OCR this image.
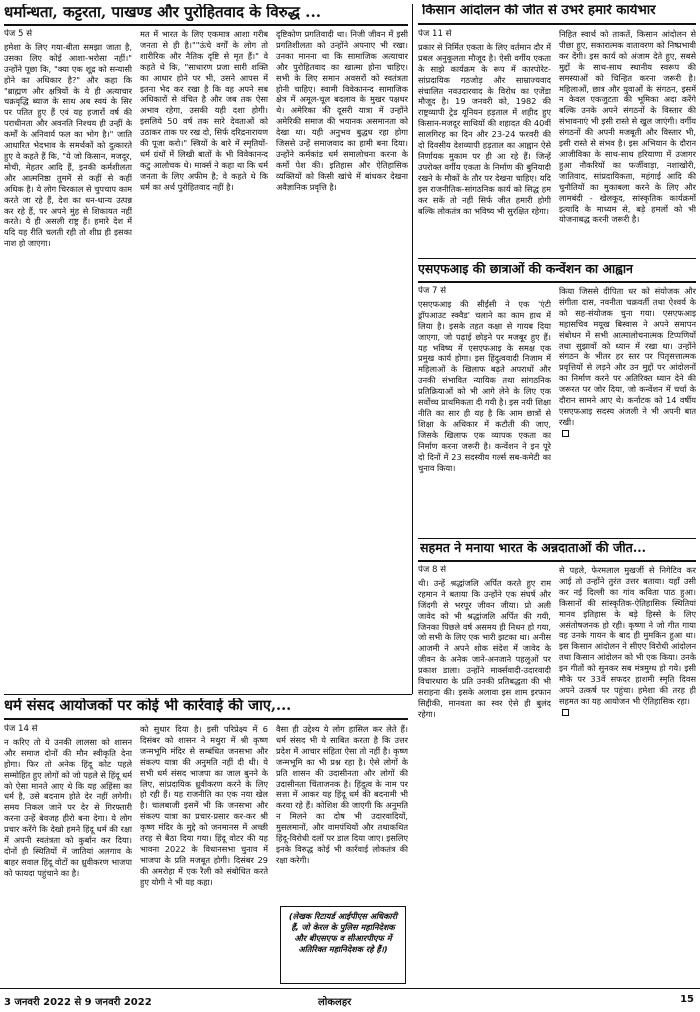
धर्मान्धता, कट्टरता, पाखण्ड और पुरोहितवाद के विरुद्ध ...
पेज 5 से

हमेशा के लिए गया-बीता समझा जाता है, उसका लिए कोई आशा-भरोसा नहीं।" उन्होंने पूछा कि, "क्या एक शूद्र को सन्यासी होने का अधिकार है?" और कहा कि "ब्राह्मण और क्षत्रियों के ये ही अत्याचार चक्रवृद्धि ब्याज के साथ अब स्वयं के सिर पर पतित हुए हैं एवं यह हजारों वर्ष की पराधीनता और अवनति निश्चय ही उन्हीं के कर्मों के अनिवार्य फल का भोग है।" जाति आधारित भेदभाव के समर्थकों को दुत्कारते हुए वे कहते हैं कि, "ये जो किसान, मजदूर, मोची, मेहतर आदि हैं, इनकी कर्मशीलता और आत्मनिष्ठा तुममें से कहीं से कहीं अधिक है। ये लोग चिरकाल से चुपचाप काम करते जा रहे हैं, देश का धन-धान्य उत्पन्न कर रहे हैं, पर अपने मुंह से शिकायत नहीं करते। ये ही असली राष्ट्र हैं। हमारे देश में यदि यह रीति चलती रही तो शीघ्र ही इसका नाश हो जाएगा।

मत में भारत के लिए एकमात्र आशा गरीब जनता से ही है।""ऊंचे वर्गों के लोग तो शारीरिक और नैतिक दृष्टि से मृत हैं।" वे कहते थे कि, "साधारण प्रजा सारी शक्ति का आधार होने पर भी, उसने आपस में इतना भेद कर रखा है कि वह अपने सब अधिकारों से वंचित है और जब तक ऐसा अभाव रहेगा, उसकी यही दशा होगी। इसलिये 50 वर्ष तक सारे देवताओं को उठाकर ताक पर रख दो, सिर्फ दरिद्रनारायण की पूजा करो।" स्त्रियों के बारे में स्मृतियों-धर्म ग्रंथों में लिखी बातों के भी विवेकानन्द कटु आलोचक थे। मार्क्स ने कहा था कि धर्म जनता के लिए अफीम है; वे कहते थे कि धर्म का अर्थ पुरोहितवाद नहीं है।

दृष्टिकोण प्रगतिवादी था। निजी जीवन में इसी प्रगतिशीलता को उन्होंने अपनाए भी रखा। उनका मानना था कि सामाजिक अत्याचार और पुरोहितवाद का खात्मा होना चाहिए। सभी के लिए समान अवसरों को स्वतंत्रता होनी चाहिए। स्वामी विवेकानन्द सामाजिक क्षेत्र में अमूल-चूल बदलाव के मुखर पक्षधर थे। अमेरिका की दूसरी यात्रा में उन्होंने अमेरिकी समाज की भयानक असमानता को देखा था। यही अनुभव बुद्धध रहा होगा जिससे उन्हें समाजवाद का हामी बना दिया। उन्होंने कर्मकांड धर्म समालोचना करना के कर्मो पेश की। इतिहास और ऐतिहासिक व्यक्तियों को किसी खांचे में बांधकर देखना अवैज्ञानिक प्रवृत्ति है।

किसान आंदोलन की जीत से उभरे हमारे कार्यभार
पेज 11 से

प्रकार से निर्मित एकता के लिए वर्तमान दौर में प्रबल अनुकूलता मौजूद है। ऐसी वर्गीय एकता के साझे कार्यक्रम के रूप में कारपोरेट-सांप्रदायिक गठजोड़ और साम्राज्यवाद संचालित नवउदारवाद के विरोध का एजेंडा मौजूद है। 19 जनवरी को, 1982 की राष्ट्रव्यापी ट्रेड यूनियन हड़ताल में शहीद हुए किसान-मजदूर साथियों की शहादत की 40वीं सालगिरह का दिन और 23-24 फरवरी की दो दिवसीय देशव्यापी हड़ताल का आह्वान ऐसे निर्णायक मुकाम पर ही आ रहे हैं। जिन्हें उपरोक्त वर्गीय एकता के निर्माण की बुनियादी रखने के मौकों के तौर पर देखना चाहिए। यदि इस राजनीतिक-सांगठनिक कार्य को सिद्ध हम कर सकें तो नहीं सिर्फ जीत हमारी होगी बल्कि लोकतंत्र का भविष्य भी सुरक्षित रहेगा।

निहित स्वार्थ को ताकतें, किसान आंदोलन से पीछा हुए, सकारात्मक वातावरण को निष्प्रभावी कर देंगी। इस कार्य को अंजाम देते हुए, सबसे मुद्दों के साथ-साथ स्थानीय स्वरूप की समस्याओं को चिन्हित करना जरूरी है। महिलाओं, छात्र और युवाओं के संगठन, इसमें न केवल एकजुटता की भूमिका अदा करेंगे बल्कि उनके अपने संगठनों के विस्तार की संभावनाएं भी इसी रास्ते से खुल जाएंगी। वर्गीय संगठनों की अपनी मजबूती और विस्तार भी, इसी रास्ते से संभव है। इस अभियान के दौरान आजीविका के साथ-साथ हरियाणा में उजागर हुआ नौकरियों का फर्जीवाड़ा, नशाखोरी, जातिवाद, सांप्रदायिकता, महंगाई आदि की चुनौतियों का मुकाबला करने के लिए और लामबंदी - खेलकूद, सांस्कृतिक कार्यक्रमों इत्यादि के माध्यम से, बड़े हमलों को भी योजनाबद्ध करनी जरूरी है।

एसएफआइ की छात्राओं की कन्वेंशन का आह्वान
पेज 7 से

एसएफआइ की सीईसी ने एक 'एंटी ड्रॉपआउट स्क्वैड' चलाने का काम हाथ में लिया है। इसके तहत कक्षा से गायब दिया जाएगा, जो पढ़ाई छोड़ने पर मजबूर हुए हैं। यह भविष्य में एसएफआइ के समक्ष एक प्रमुख कार्य होगा। इस हिंदुत्ववादी निजाम में महिलाओं के खिलाफ बढ़ते अपराधों और उनकी संभावित न्यायिक तथा सांगठनिक प्रतिक्रियाओं को भी आगे लेने के लिए एक सर्वोच्च प्राथमिकता दी गयी है। इस नयी शिक्षा नीति का सार ही यह है कि आम छात्रों से शिक्षा के अधिकार में कटौती की जाए, जिसके खिलाफ एक व्यापक एकता का निर्माण करना जरूरी है। कन्वेंशन ने इन पूरे दो दिनों में 23 सदस्यीय गर्ल्स सब-कमेटी का चुनाव किया।

किया जिससे दीपिता धर को संयोजक और संगीता दास, नवनीता चक्रवर्ती तथा ऐश्वर्य के को सह-संयोजक चुना गया। एसएफआइ महासचिव मयूख बिस्वास ने अपने समापन संबोधन में सभी आत्मालोचनात्मक टिप्पणियों तथा सुझावों को ध्यान में रखा था। उन्होंने संगठन के भीतर हर स्तर पर पितृसत्तात्मक प्रवृत्तियों से लड़ने और उन मुद्दों पर आंदोलनों का निर्माण करने पर अतिरिक्त ध्यान देने की जरूरत पर जोर दिया, जो कन्वेंशन में चर्चा के दौरान सामने आए थे। कर्नाटक को 14 वर्षीय एसएफआइ सदस्य अंजली ने भी अपनी बात रखी।

सहमत ने मनाया भारत के अन्नदाताओं की जीत...
पेज 8 से

थी। उन्हें श्रद्धांजलि अर्पित करते हुए राम रहमान ने बताया कि उन्होंने एक संघर्ष और जिंदगी से भरपूर जीवन जीया। प्रो अली जावेद को भी श्रद्धांजलि अर्पित की गयी, जिनका पिछले वर्ष असमय ही निधन हो गया, जो सभी के लिए एक भारी झटका था। अनीस आजमी ने अपने शोक संदेश में जावेद के जीवन के अनेक जाने-अनजाने पहलुओं पर प्रकाश डाला। उन्होंने मार्क्सवादी-उदारवादी विचारधारा के प्रति उनकी प्रतिबद्धता की भी सराहना की। इसके अलावा इस शाम इरफान सिद्दीकी, मानवता का स्वर ऐसे ही बुलंद रहेगा।

से पहले, फेरमलाल मुखर्जी से निगेटिव कर आई तो उन्होंने तुरंत उत्तर बताया। यहाँ उसी कर नई दिल्ली का गांव कविता पाठ हुआ। किसानों की सांस्कृतिक-ऐतिहासिक स्थितियां मानव इतिहास के बड़े हिस्से के लिए असंतोषजनक हो रही। कृष्णा ने जो गीत गाया वह उनके गायन के बाद ही मुमकिन हुआ था। इस किसान आंदोलन ने सीएए विरोधी आंदोलन तथा किसान आंदोलन को भी एक किया। उनके इन गीतों को सुनकर सब मंत्रमुग्ध हो गये। इसी मौके पर 33वें सफदर हाशमी स्मृति दिवस अपने उत्कर्ष पर पहुंचा। हमेशा की तरह ही सहमत का यह आयोजन भी ऐतिहासिक रहा।

धर्म संसद आयोजकों पर कोई भी कार्रवाई की जाए,...
पेज 14 से

न करिए तो ये उनकी लालसा को शासन और समाज दोनों की मौन स्वीकृति देना होगा। फिर तो अनेक हिंदू कोट पहले सम्मोहित हुए लोगों को जो पहले से हिंदू धर्म को ऐसा मानते आए थे कि यह अहिंसा का धर्म है, उसे बदनाम होते देर नहीं लगेगी। समय निकल जाने पर देर से गिरफ्तारी करना उन्हें बेवजह हीरो बना देगा। ये लोग प्रचार करेंगे कि देखो हमने हिंदू धर्म की रक्षा में अपनी स्वतंत्रता को कुर्बान कर दिया। दोनों ही स्थितियों में जातियां अलगाव के बाहर सवाल हिंदू वोटों का ध्रुवीकरण भाजपा को फायदा पहुंचाने का है।

को सुधार दिया है। इसी परिप्रेक्ष्य में 6 दिसंबर को शासन ने मथुरा में श्री कृष्ण जन्मभूमि मंदिर से सम्बंधित जनसभा और संकल्प यात्रा की अनुमति नहीं दी थी। ये सभी धर्म संसद भाजपा का जाल बुनने के लिए, सांप्रदायिक ध्रुवीकरण करने के लिए हो रही हैं। यह राजनीति का एक नया खेल है। चालबाजी इसमें भी कि जनसभा और संकल्प यात्रा का प्रचार-प्रसार कर-कर श्री कृष्ण मंदिर के मुद्दे को जनमानस में अच्छी तरह से बैठा दिया गया। हिंदू वोटर की यह भावना 2022 के विधानसभा चुनाव में भाजपा के प्रति मजबूत होगी। दिसंबर 29 की अमरोहा में एक रैली को संबोधित करते हुए योगी ने भी यह कहा।

वैसा ही उद्देश्य ये लोग हासिल कर लेते हैं। धर्म संसद भी ये साबित करता है कि उत्तर प्रदेश में आचार संहिता ऐसा तो नहीं है। कृष्ण जन्मभूमि का भी प्रश्न रहा है। ऐसे लोगों के प्रति शासन की उदासीनता और लोगों की उदासीनता चिंताजनक है। हिंदुत्व के नाम पर सत्ता में आकर यह हिंदू धर्म की बदनामी भी करवा रहे हैं। कोशिश की जाएगी कि अनुमति न मिलने का दोष भी उदारवादियों, मुसलमानों, और वामपंथियों और तथाकथित हिंदू-विरोधी दलों पर डाल दिया जाए। इसलिए इनके विरुद्ध कोई भी कार्रवाई लोकतंत्र की रक्षा करेगी।

(लेखक रिटायर्ड आईपीएस अधिकारी हैं, जो केरल के पुलिस महानिदेशक और बीएसएफ व सीआरपीएफ में अतिरिक्त महानिदेशक रहे हैं।)
3 जनवरी 2022 से 9 जनवरी 2022	लोकलहर	15
